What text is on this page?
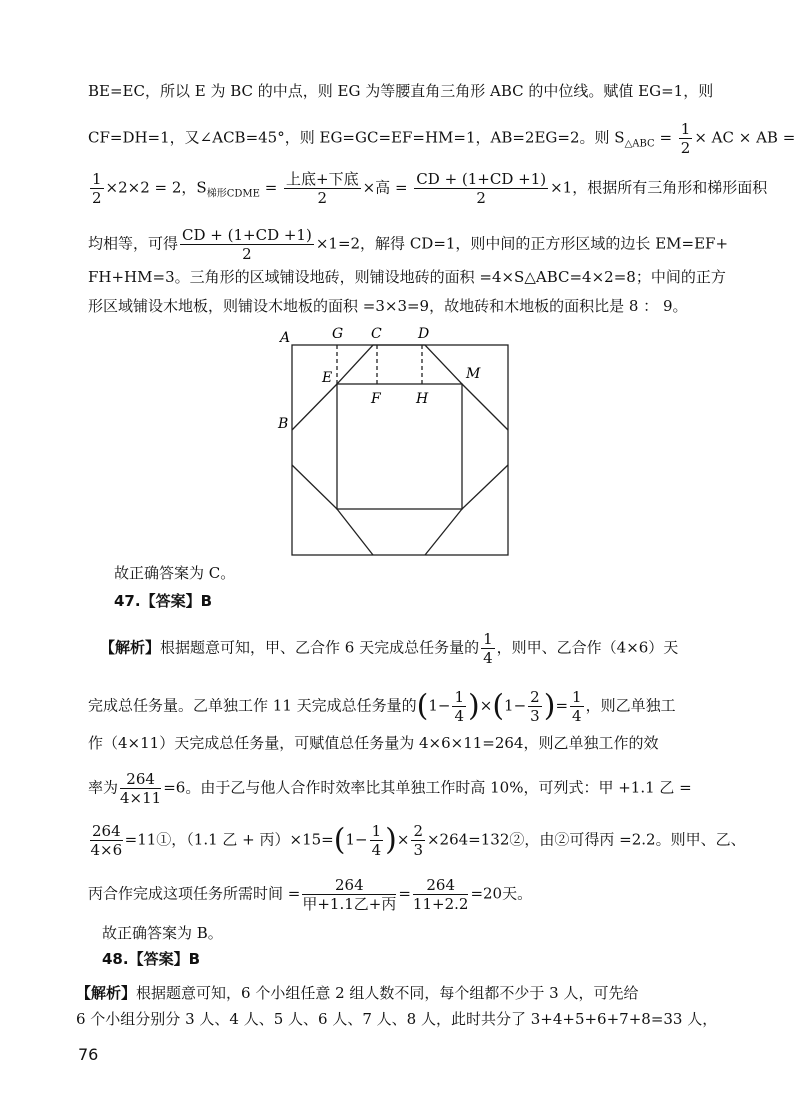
BE=EC，所以 E 为 BC 的中点，则 EG 为等腰直角三角形 ABC 的中位线。赋值 EG=1，则
CF=DH=1，又∠ACB=45°，则 EG=GC=EF=HM=1，AB=2EG=2。则 $S_{\triangle ABC} = \frac{1}{2}$ × AC × AB =
$\frac{1}{2} \times 2\times 2 = 2$，$S_{梯形CDME} = \frac{\text{上底+下底}}{2}$ ×高 = $\frac{CD + (1+CD +1)}{2} \times 1$，根据所有三角形和梯形面积
均相等，可得 $\frac{CD + (1+CD +1)}{2} \times 1=2$，解得 CD=1，则中间的正方形区域的边长 EM=EF+
FH+HM=3。三角形的区域铺设地砖，则铺设地砖的面积 =4×S△ABC=4×2=8；中间的正方
形区域铺设木地板，则铺设木地板的面积 =3×3=9，故地砖和木地板的面积比是 8 ： 9。
A	G C	D
E	M
F	H
B
故正确答案为 C。
47.【答案】B
【解析】根据题意可知，甲、乙合作 6 天完成总任务量的 $\frac{1}{4}$ ，则甲、乙合作（4×6）天
完成总任务量。乙单独工作 11 天完成总任务量的$(1- \frac{1}{4} )\times(1- \frac{2}{3}$ )= $\frac{1}{4}$ ，则乙单独工
作（4×11）天完成总任务量，可赋值总任务量为 4×6×11=264，则乙单独工作的效
率为 $\frac{264}{4\times 11} =6$。由于乙与他人合作时效率比其单独工作时高 10%，可列式：甲 +1.1 乙 =
$\frac{264}{4\times 6}$ =11①，（1.1 乙 + 丙）$\times 15=(1- \frac{1}{4}$ )× $\frac{2}{3}$ ×264=132②，由②可得丙 =2.2。则甲、乙、
丙合作完成这项任务所需时间 = $\frac{264}{\text{甲+1.1乙+丙}} = \frac{264}{11+2.2} =20$天。
故正确答案为 B。
48.【答案】B
【解析】根据题意可知，6 个小组任意 2 组人数不同，每个组都不少于 3 人，可先给
6 个小组分别分 3 人、4 人、5 人、6 人、7 人、8 人，此时共分了 3+4+5+6+7+8=33 人，
76
